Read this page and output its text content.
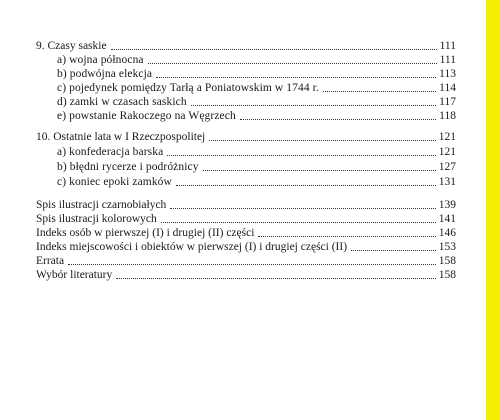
9. Czasy saskie	111
a) wojna północna	111
b) podwójna elekcja	113
c) pojedynek pomiędzy Tarłą a Poniatowskim w 1744 r.	114
d) zamki w czasach saskich	117
e) powstanie Rakoczego na Węgrzech	118
10. Ostatnie lata w I Rzeczpospolitej	121
a) konfederacja barska	121
b) błędni rycerze i podróżnicy	127
c) koniec epoki zamków	131
Spis ilustracji czarnobiałych	139
Spis ilustracji kolorowych	141
Indeks osób w pierwszej (I) i drugiej (II) części	146
Indeks miejscowości i obiektów w pierwszej (I) i drugiej części (II)	153
Errata	158
Wybór literatury	158
